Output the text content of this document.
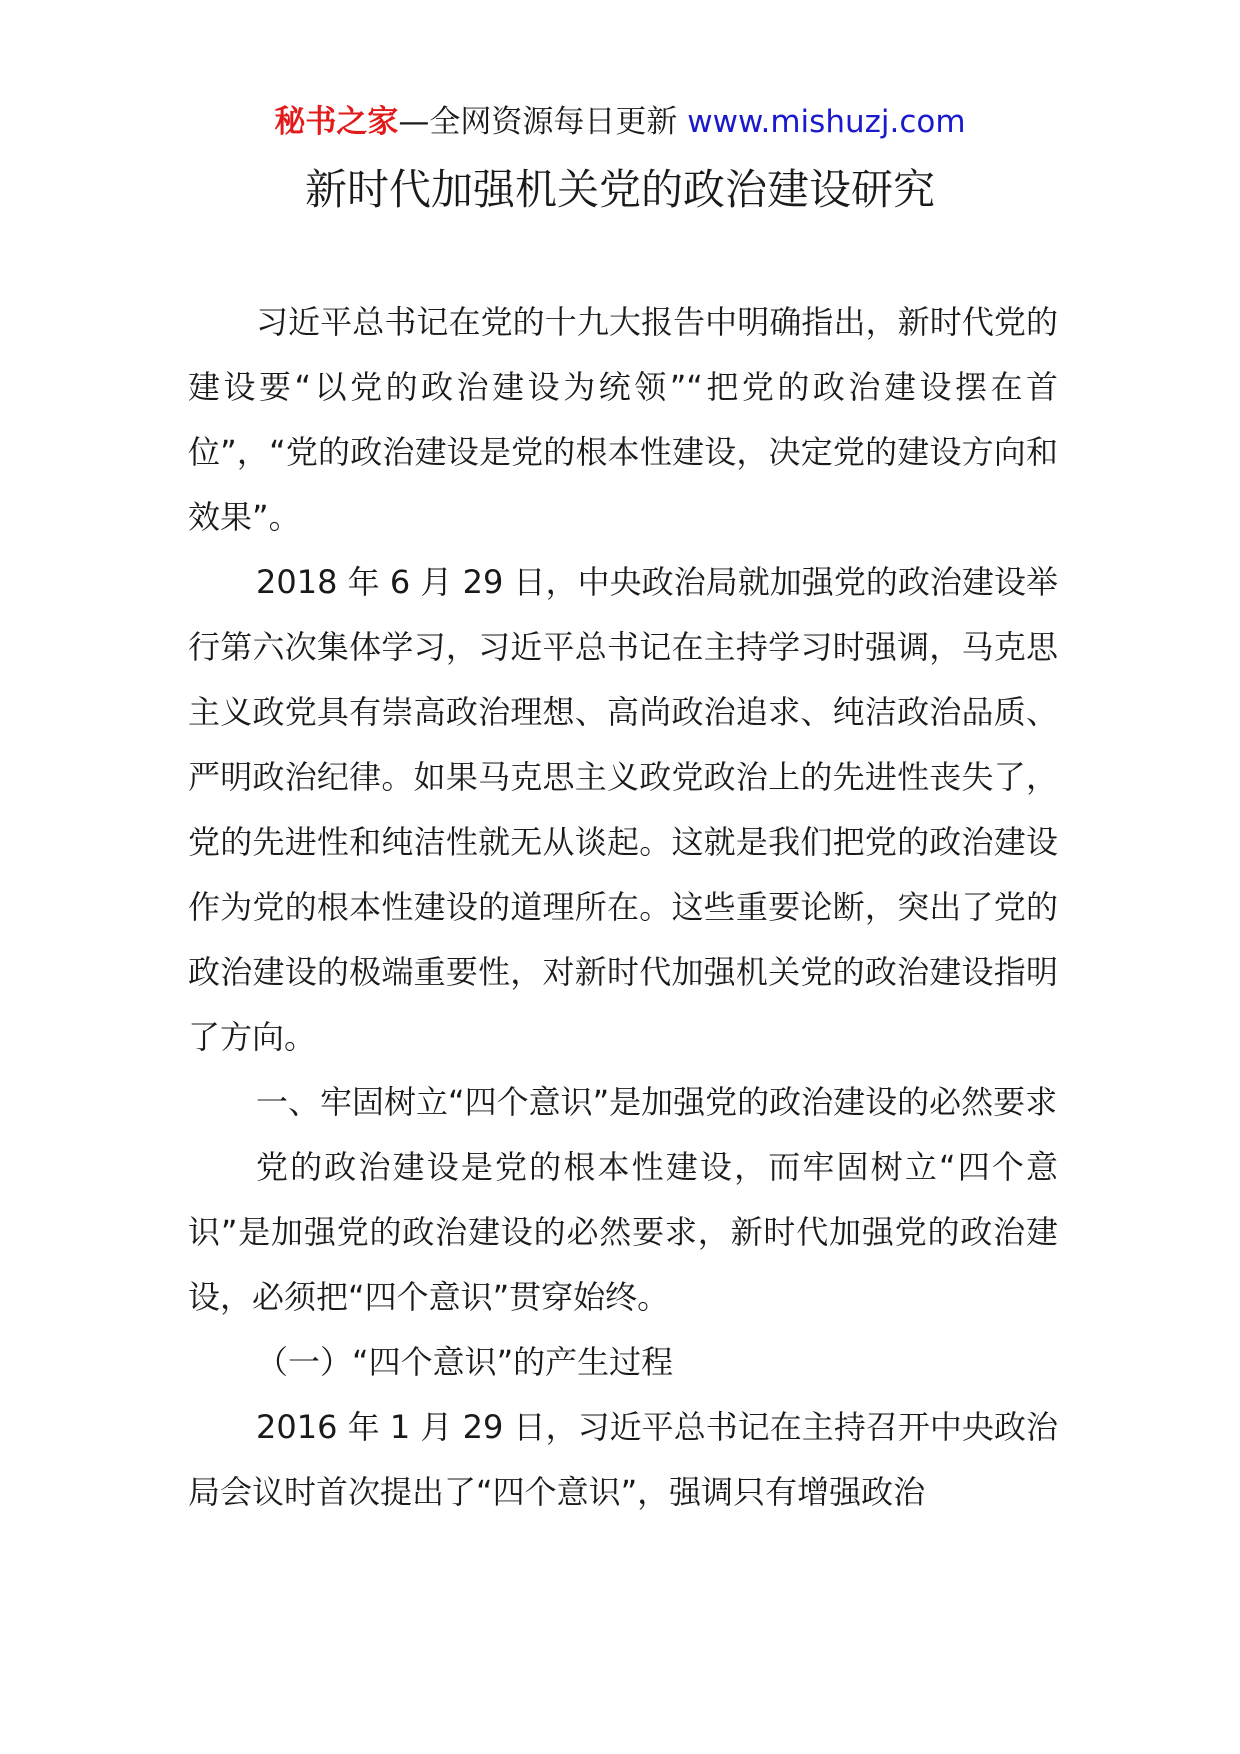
秘书之家—全网资源每日更新 www.mishuzj.com
新时代加强机关党的政治建设研究

习近平总书记在党的十九大报告中明确指出，新时代党的建设要“以党的政治建设为统领”“把党的政治建设摆在首位”，“党的政治建设是党的根本性建设，决定党的建设方向和效果”。

2018 年 6 月 29 日，中央政治局就加强党的政治建设举行第六次集体学习，习近平总书记在主持学习时强调，马克思主义政党具有崇高政治理想、高尚政治追求、纯洁政治品质、严明政治纪律。如果马克思主义政党政治上的先进性丧失了，党的先进性和纯洁性就无从谈起。这就是我们把党的政治建设作为党的根本性建设的道理所在。这些重要论断，突出了党的政治建设的极端重要性，对新时代加强机关党的政治建设指明了方向。

一、牢固树立“四个意识”是加强党的政治建设的必然要求

党的政治建设是党的根本性建设，而牢固树立“四个意识”是加强党的政治建设的必然要求，新时代加强党的政治建设，必须把“四个意识”贯穿始终。

（一）“四个意识”的产生过程

2016 年 1 月 29 日，习近平总书记在主持召开中央政治局会议时首次提出了“四个意识”，强调只有增强政治
